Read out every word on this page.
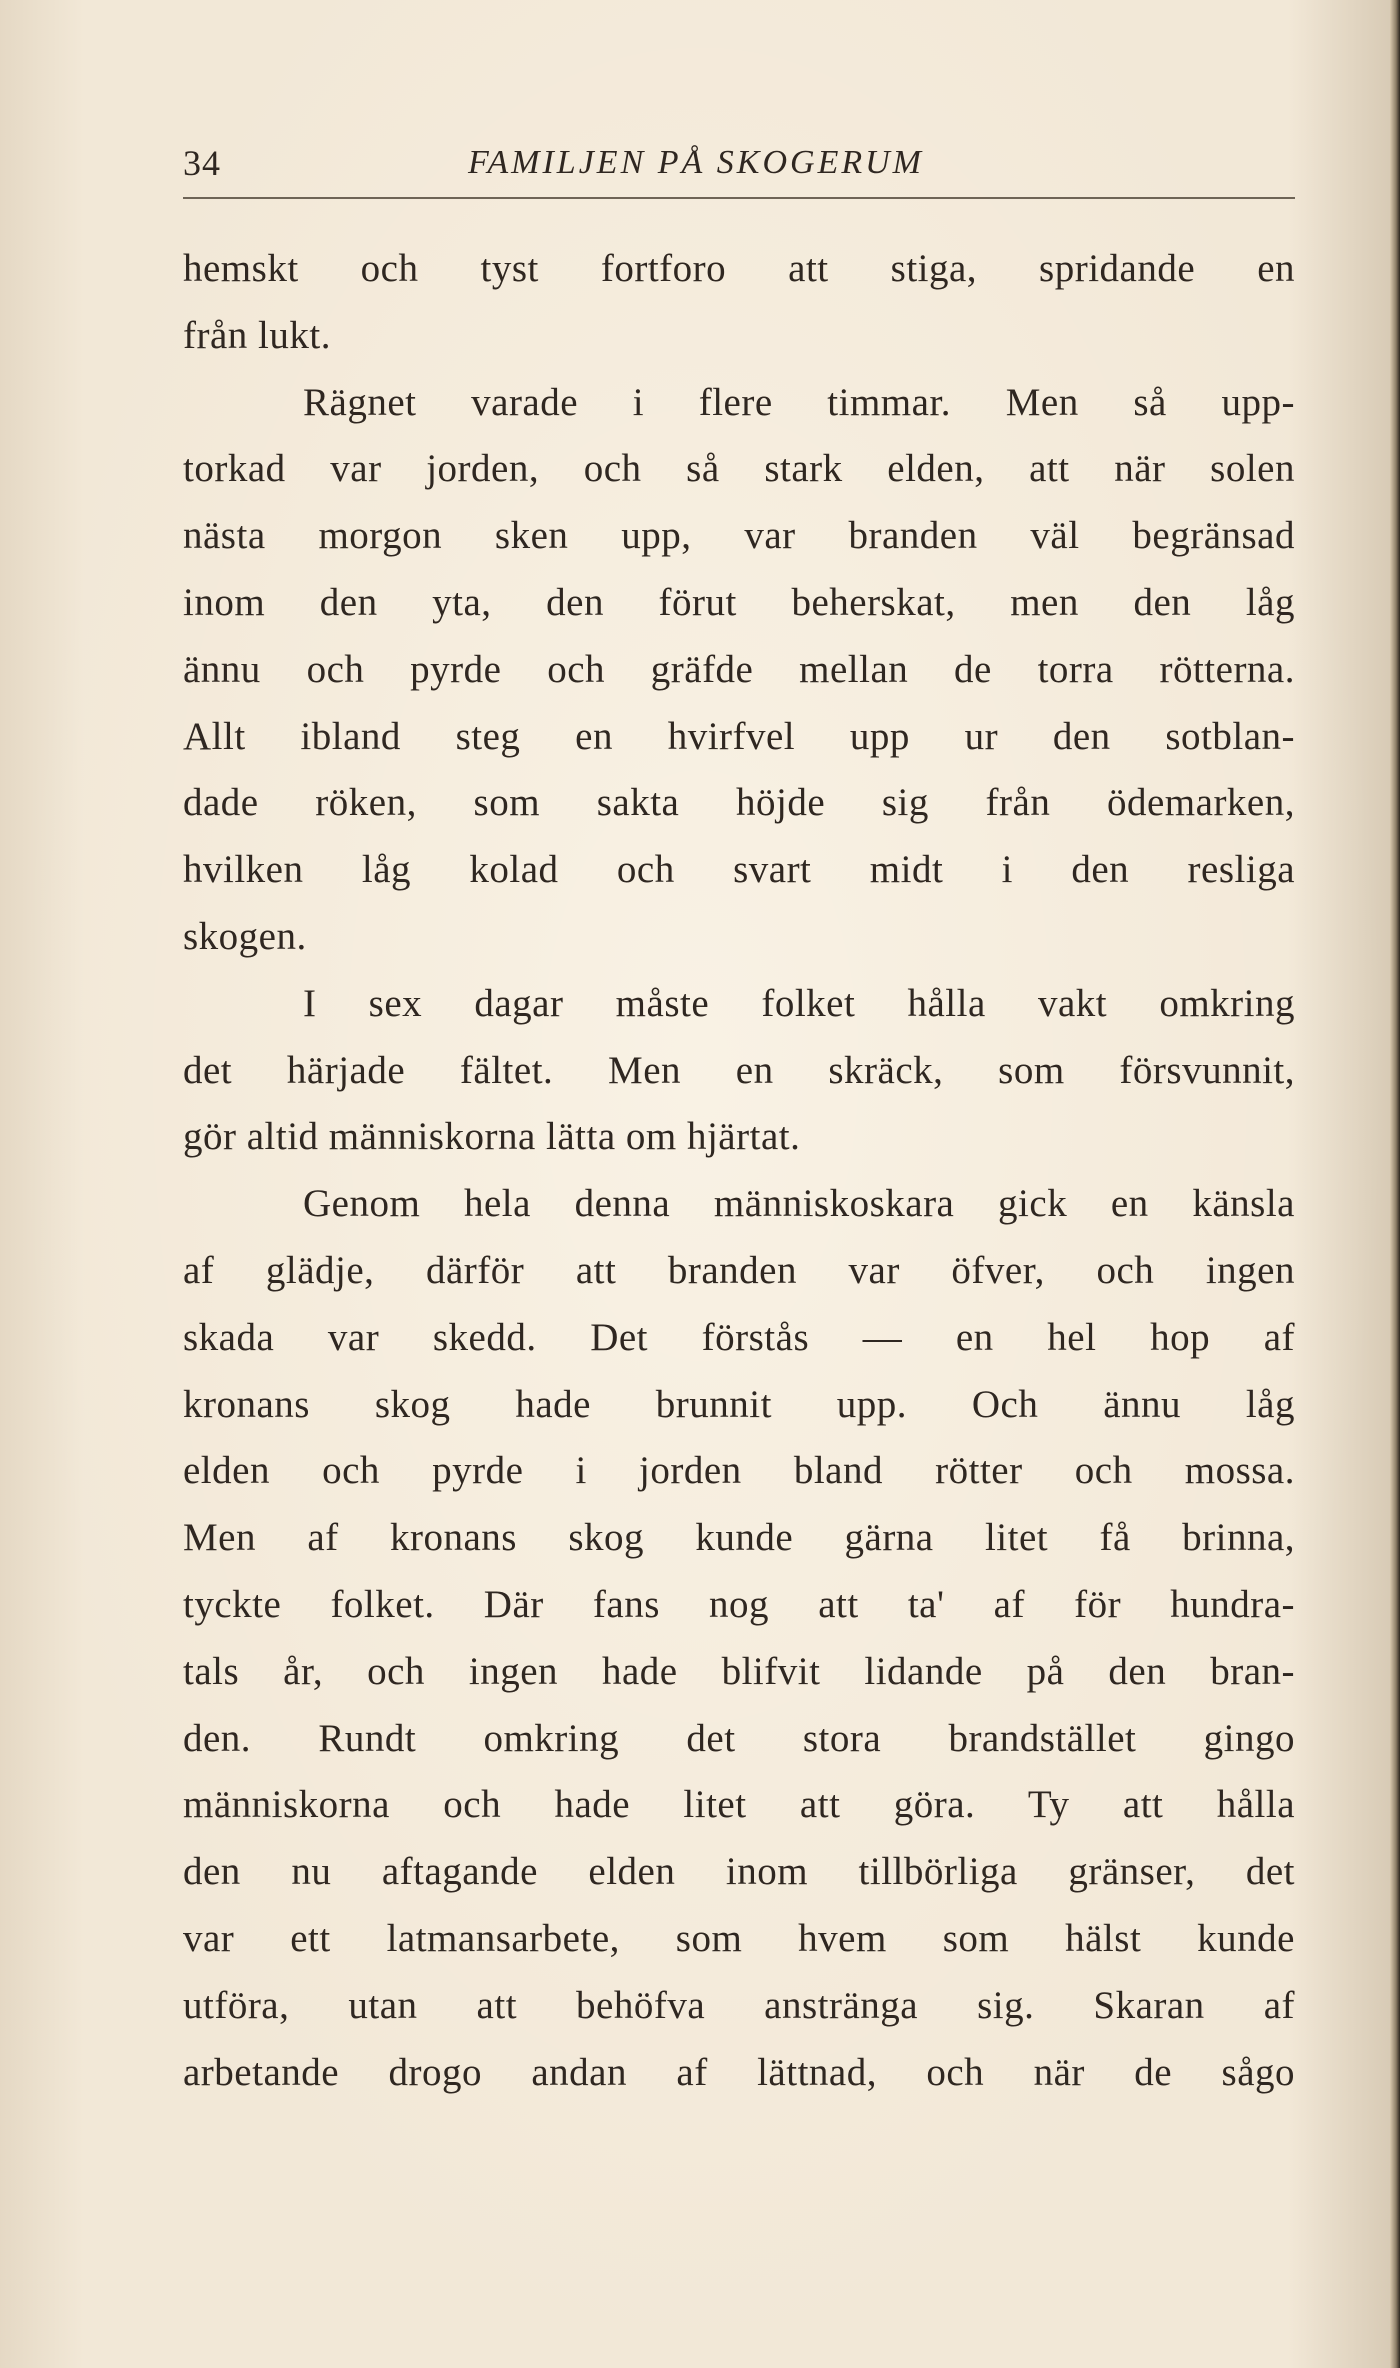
34	FAMILJEN PÅ SKOGERUM
hemskt och tyst fortforo att stiga, spridande en
från lukt.
Rägnet varade i flere timmar. Men så upp-
torkad var jorden, och så stark elden, att när solen
nästa morgon sken upp, var branden väl begränsad
inom den yta, den förut beherskat, men den låg
ännu och pyrde och gräfde mellan de torra rötterna.
Allt ibland steg en hvirfvel upp ur den sotblan-
dade röken, som sakta höjde sig från ödemarken,
hvilken låg kolad och svart midt i den resliga
skogen.
I sex dagar måste folket hålla vakt omkring
det härjade fältet. Men en skräck, som försvunnit,
gör altid människorna lätta om hjärtat.
Genom hela denna människoskara gick en känsla
af glädje, därför att branden var öfver, och ingen
skada var skedd. Det förstås — en hel hop af
kronans skog hade brunnit upp. Och ännu låg
elden och pyrde i jorden bland rötter och mossa.
Men af kronans skog kunde gärna litet få brinna,
tyckte folket. Där fans nog att ta' af för hundra-
tals år, och ingen hade blifvit lidande på den bran-
den. Rundt omkring det stora brandstället gingo
människorna och hade litet att göra. Ty att hålla
den nu aftagande elden inom tillbörliga gränser, det
var ett latmansarbete, som hvem som hälst kunde
utföra, utan att behöfva anstränga sig. Skaran af
arbetande drogo andan af lättnad, och när de sågo
